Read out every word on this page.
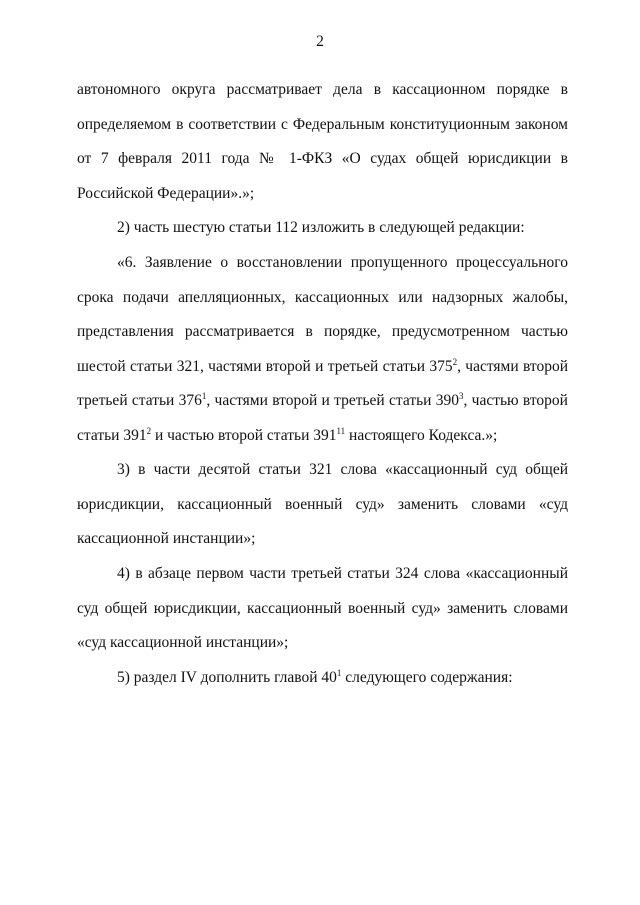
2
автономного округа рассматривает дела в кассационном порядке в
определяемом в соответствии с Федеральным конституционным законом
от 7 февраля 2011 года № 1-ФКЗ «О судах общей юрисдикции в
Российской Федерации».»;
2) часть шестую статьи 112 изложить в следующей редакции:
«6. Заявление о восстановлении пропущенного процессуального
срока подачи апелляционных, кассационных или надзорных жалобы,
представления рассматривается в порядке, предусмотренном частью
шестой статьи 321, частями второй и третьей статьи $375^2$, частями второй
третьей статьи $376^1$, частями второй и третьей статьи $390^3$, частью второй
статьи $391^2$ и частью второй статьи $391^{11}$ настоящего Кодекса.»;
3) в части десятой статьи 321 слова «кассационный суд общей
юрисдикции, кассационный военный суд» заменить словами «суд
кассационной инстанции»;
4) в абзаце первом части третьей статьи 324 слова «кассационный
суд общей юрисдикции, кассационный военный суд» заменить словами
«суд кассационной инстанции»;
5) раздел IV дополнить главой $40^1$ следующего содержания:
